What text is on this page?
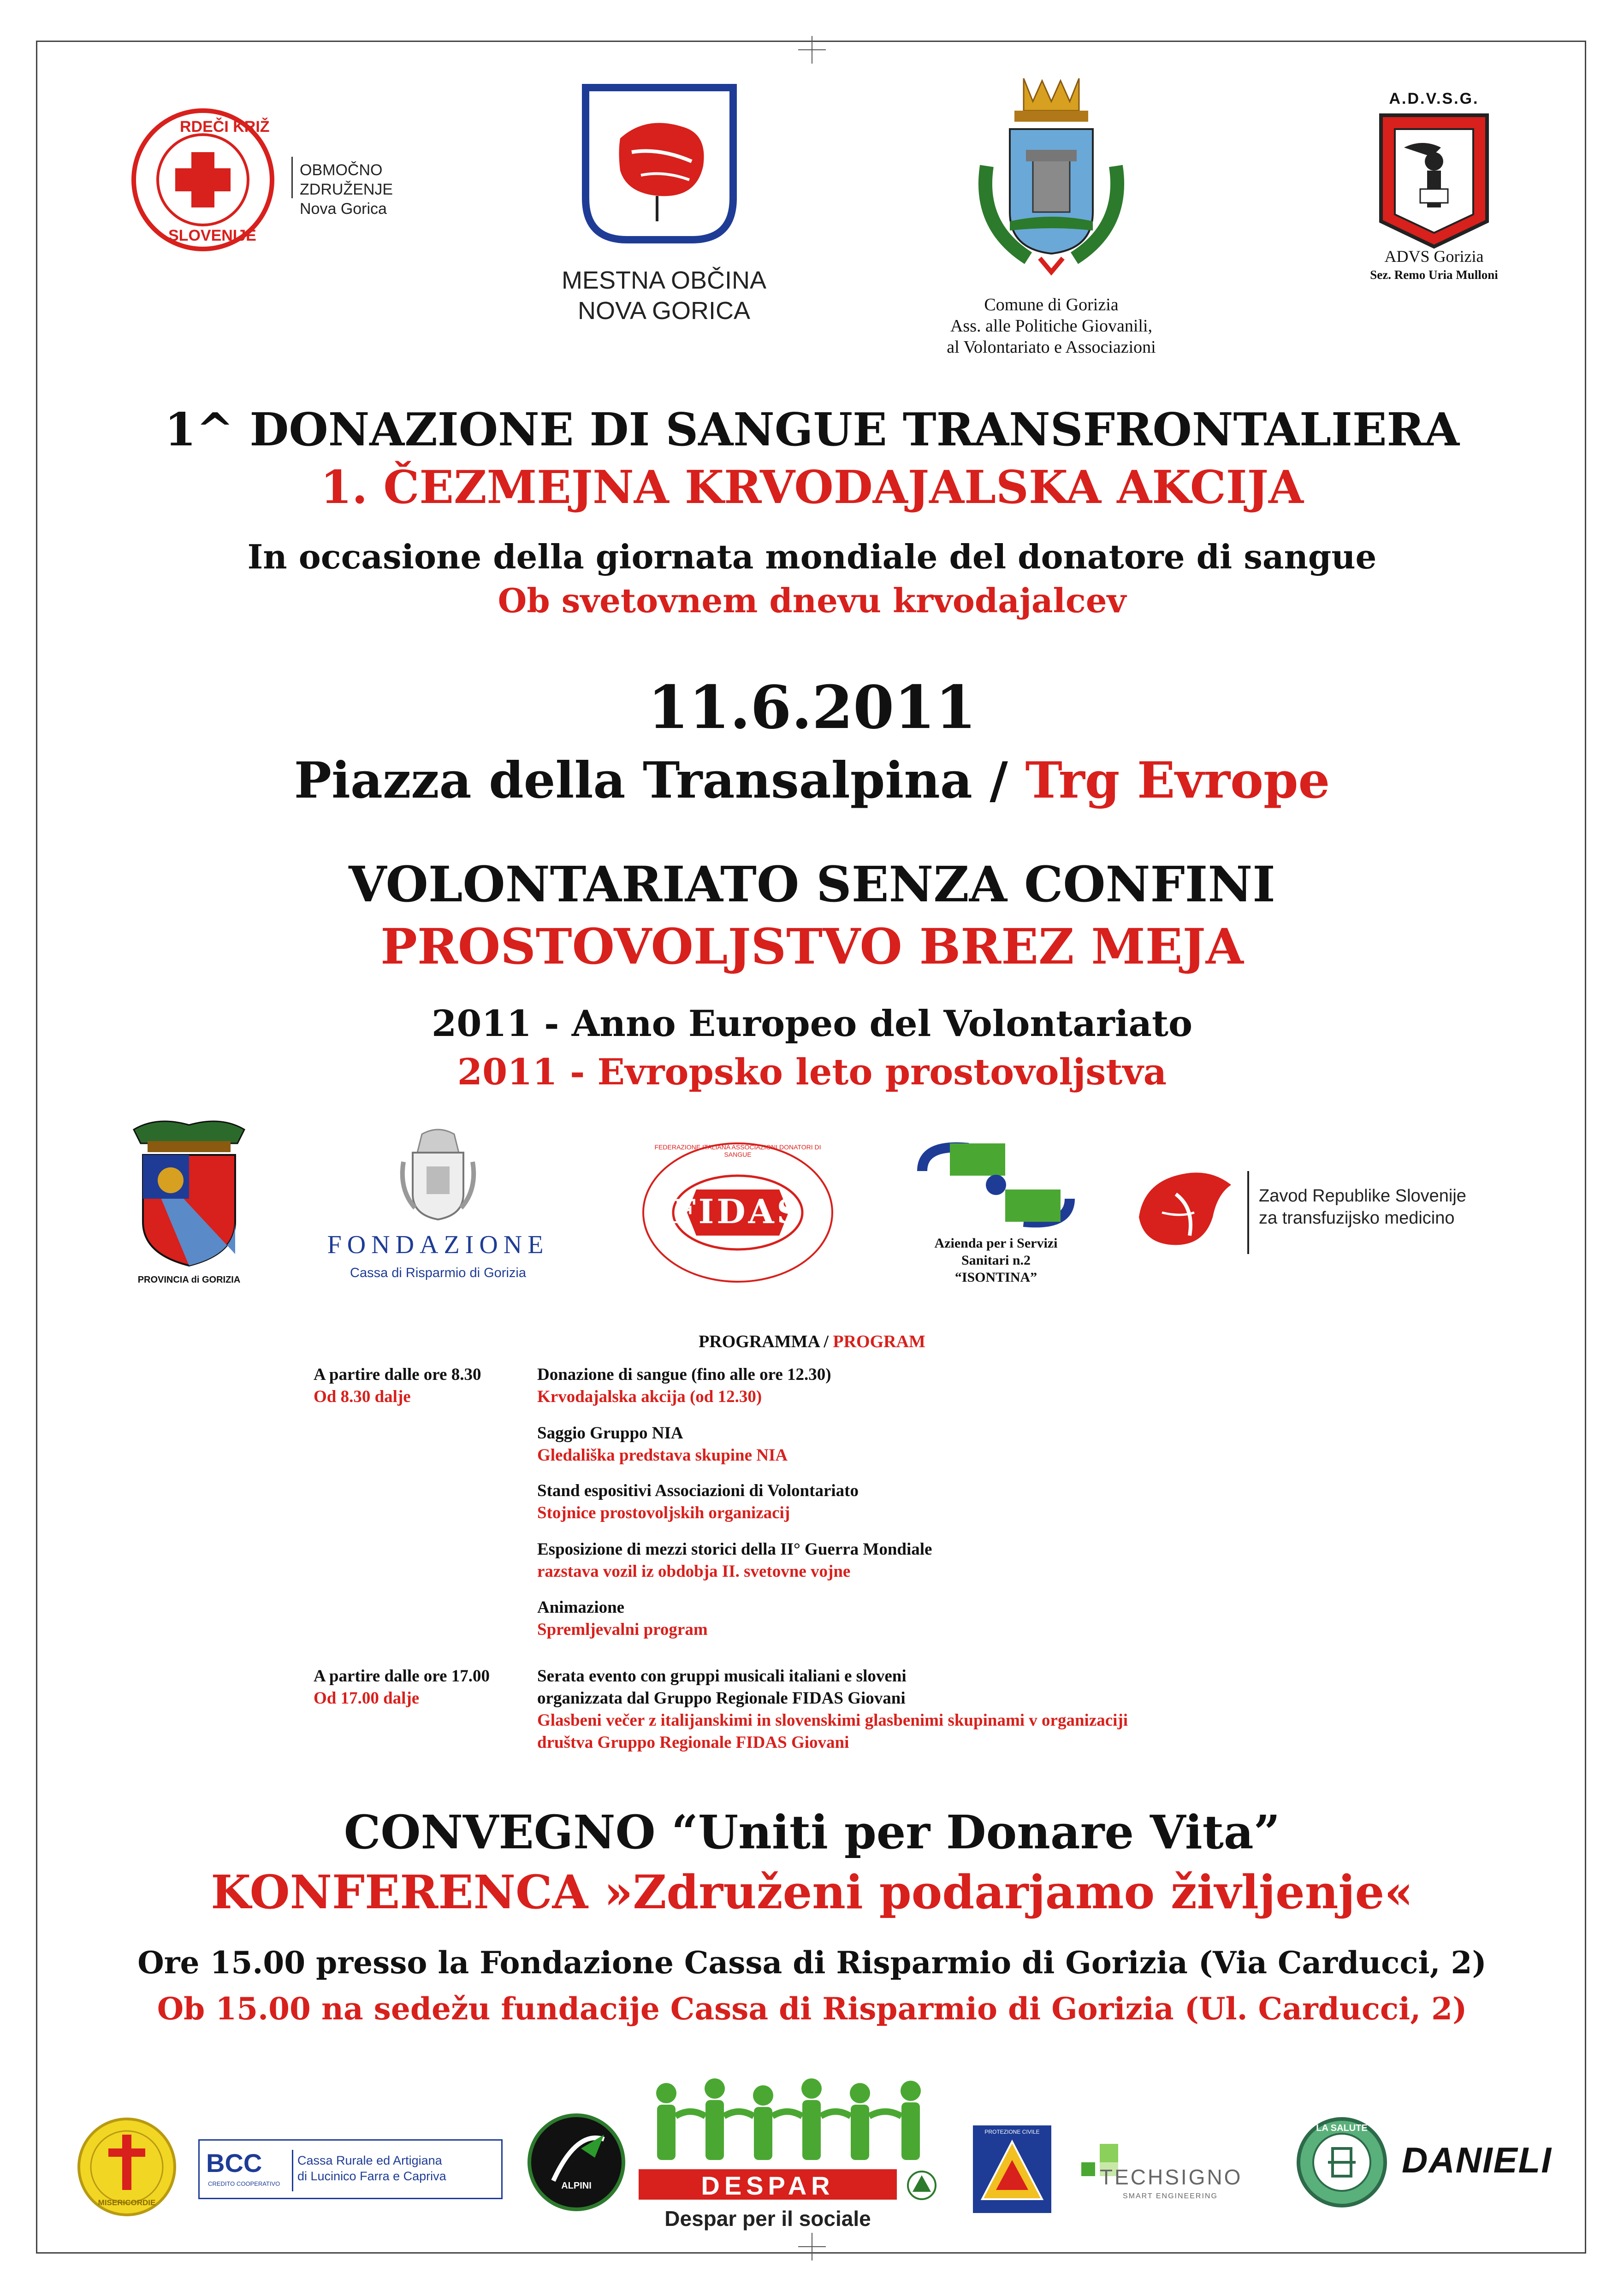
RDEČI KRIŽ
SLOVENIJE
OBMOČNO ZDRUŽENJE
Nova Gorica
MESTNA OBČINA
NOVA GORICA	Comune di Gorizia
Ass. alle Politiche Giovanili,
al Volontariato e Associazioni
A.D.V.S.G.
ADVS Gorizia
Sez. Remo Uria Mulloni
1^ DONAZIONE DI SANGUE TRANSFRONTALIERA
1. ČEZMEJNA KRVODAJALSKA AKCIJA
In occasione della giornata mondiale del donatore di sangue
Ob svetovnem dnevu krvodajalcev
11.6.2011
Piazza della Transalpina / Trg Evrope
VOLONTARIATO SENZA CONFINI
PROSTOVOLJSTVO BREZ MEJA
2011 - Anno Europeo del Volontariato
2011 - Evropsko leto prostovoljstva
PROVINCIA di GORIZIA
FONDAZIONE
Cassa di Risparmio di Gorizia
FIDAS
FEDERAZIONE ITALIANA ASSOCIAZIONI DONATORI DI SANGUE
Azienda per i Servizi
Sanitari n.2
“ISONTINA”
Zavod Republike Slovenije
za transfuzijsko medicino
PROGRAMMA / PROGRAM
A partire dalle ore 8.30
Od 8.30 dalje
Donazione di sangue (fino alle ore 12.30)
Krvodajalska akcija (od 12.30)
Saggio Gruppo NIA
Gledališka predstava skupine NIA
Stand espositivi Associazioni di Volontariato
Stojnice prostovoljskih organizacij
Esposizione di mezzi storici della II° Guerra Mondiale
razstava vozil iz obdobja II. svetovne vojne
Animazione
Spremljevalni program
A partire dalle ore 17.00
Od 17.00 dalje
Serata evento con gruppi musicali italiani e sloveni
organizzata dal Gruppo Regionale FIDAS Giovani
Glasbeni večer z italijanskimi in slovenskimi glasbenimi skupinami v organizaciji
društva Gruppo Regionale FIDAS Giovani
CONVEGNO “Uniti per Donare Vita”
KONFERENCA »Združeni podarjamo življenje«
Ore 15.00 presso la Fondazione Cassa di Risparmio di Gorizia (Via Carducci, 2)
Ob 15.00 na sedežu fundacije Cassa di Risparmio di Gorizia (Ul. Carducci, 2)
MISERICORDIE
BCC
CREDITO COOPERATIVO
Cassa Rurale ed Artigiana
di Lucinico Farra e Capriva
ALPINI	DESPAR
Despar per il sociale
PROTEZIONE CIVILE
TECHSIGNO
SMART ENGINEERING
LA SALUTE
DANIELI
